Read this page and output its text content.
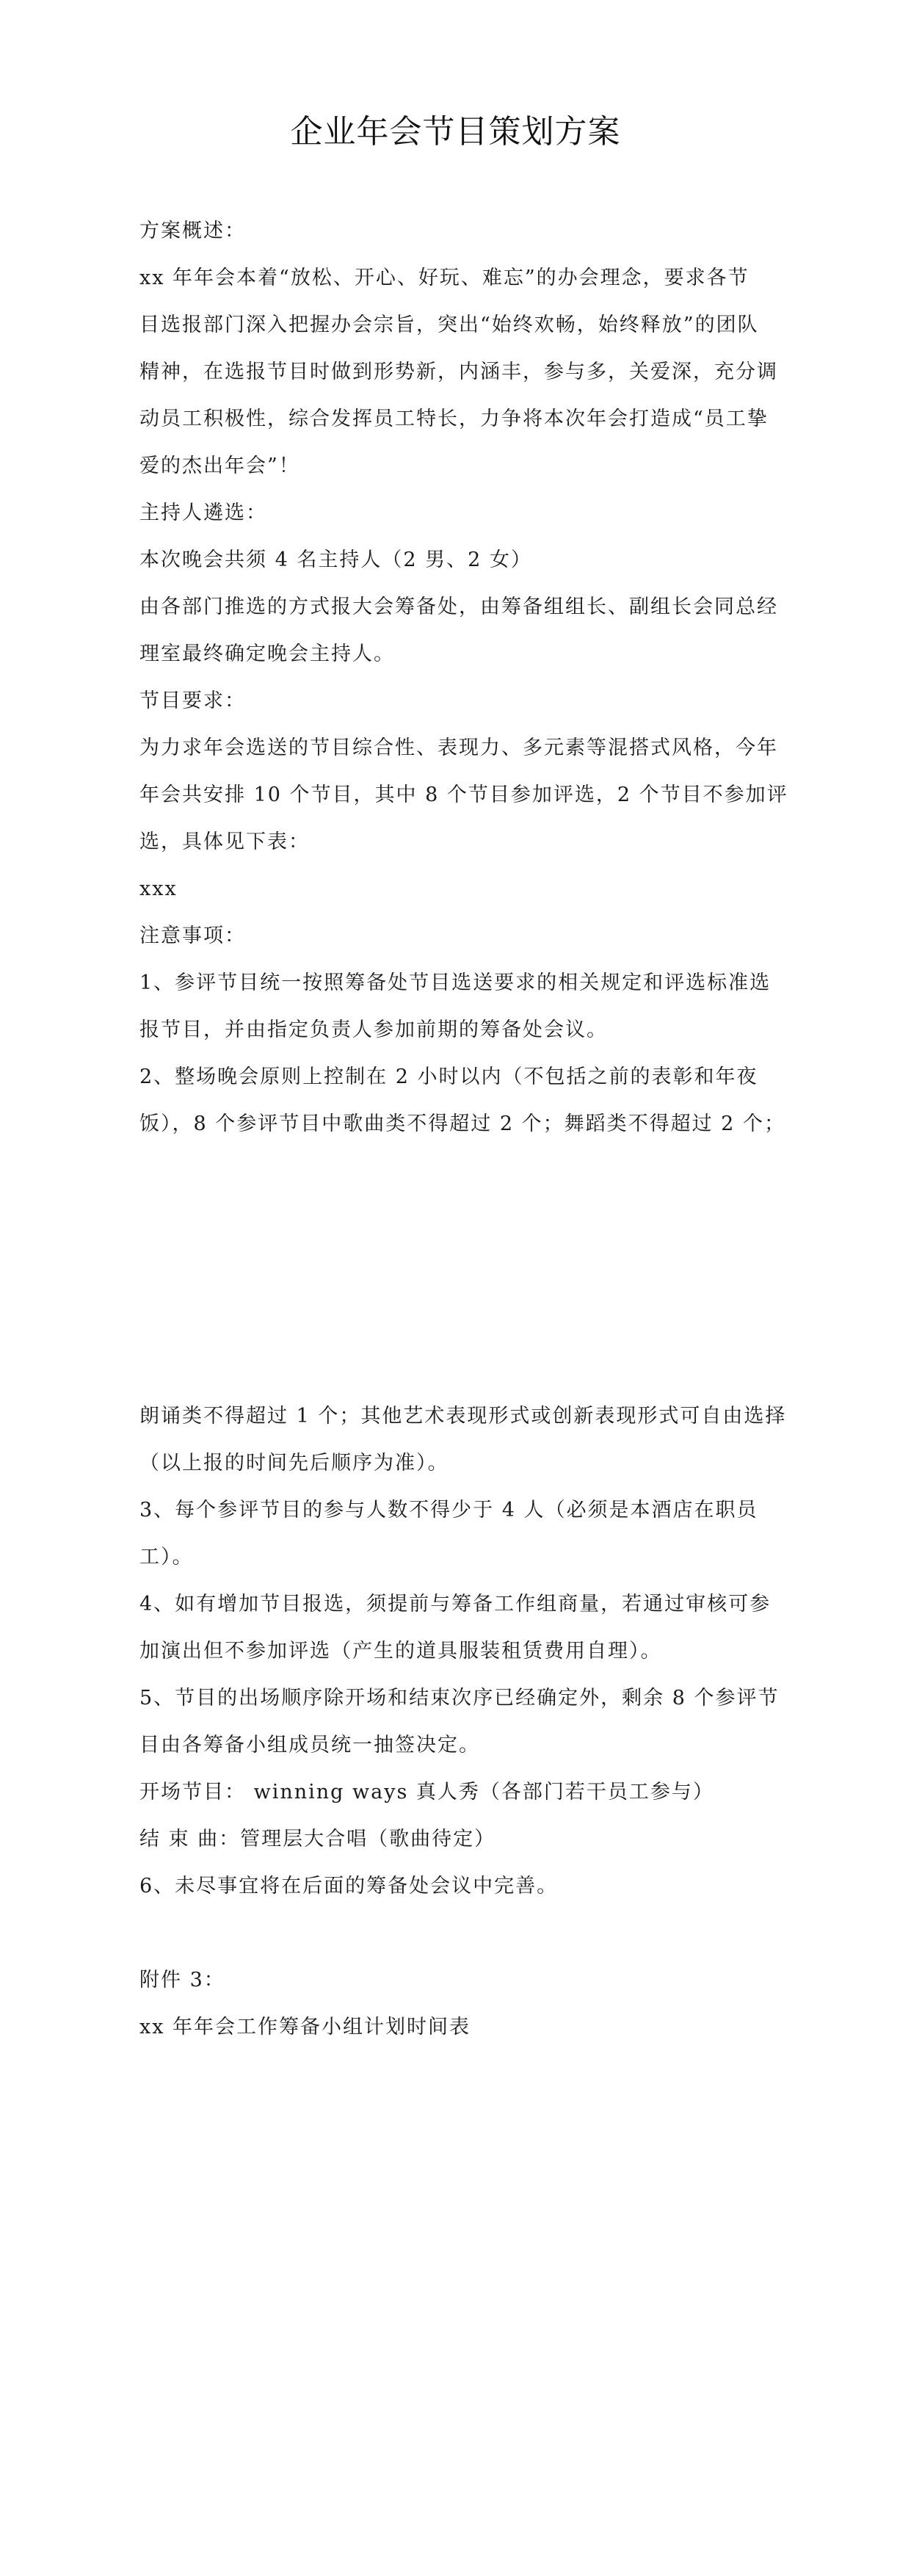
企业年会节目策划方案
方案概述：
xx 年年会本着“放松、开心、好玩、难忘”的办会理念，要求各节
目选报部门深入把握办会宗旨，突出“始终欢畅，始终释放”的团队
精神，在选报节目时做到形势新，内涵丰，参与多，关爱深，充分调
动员工积极性，综合发挥员工特长，力争将本次年会打造成“员工挚
爱的杰出年会”！
主持人遴选：
本次晚会共须 4 名主持人（2 男、2 女）
由各部门推选的方式报大会筹备处，由筹备组组长、副组长会同总经
理室最终确定晚会主持人。
节目要求：
为力求年会选送的节目综合性、表现力、多元素等混搭式风格，今年
年会共安排 10 个节目，其中 8 个节目参加评选，2 个节目不参加评
选，具体见下表：
xxx
注意事项：
1、参评节目统一按照筹备处节目选送要求的相关规定和评选标准选
报节目，并由指定负责人参加前期的筹备处会议。
2、整场晚会原则上控制在 2 小时以内（不包括之前的表彰和年夜
饭），8 个参评节目中歌曲类不得超过 2 个；舞蹈类不得超过 2 个；
朗诵类不得超过 1 个；其他艺术表现形式或创新表现形式可自由选择
（以上报的时间先后顺序为准）。
3、每个参评节目的参与人数不得少于 4 人（必须是本酒店在职员
工）。
4、如有增加节目报选，须提前与筹备工作组商量，若通过审核可参
加演出但不参加评选（产生的道具服装租赁费用自理）。
5、节目的出场顺序除开场和结束次序已经确定外，剩余 8 个参评节
目由各筹备小组成员统一抽签决定。
开场节目： winning ways 真人秀（各部门若干员工参与）
结 束 曲：管理层大合唱（歌曲待定）
6、未尽事宜将在后面的筹备处会议中完善。
附件 3：
xx 年年会工作筹备小组计划时间表
